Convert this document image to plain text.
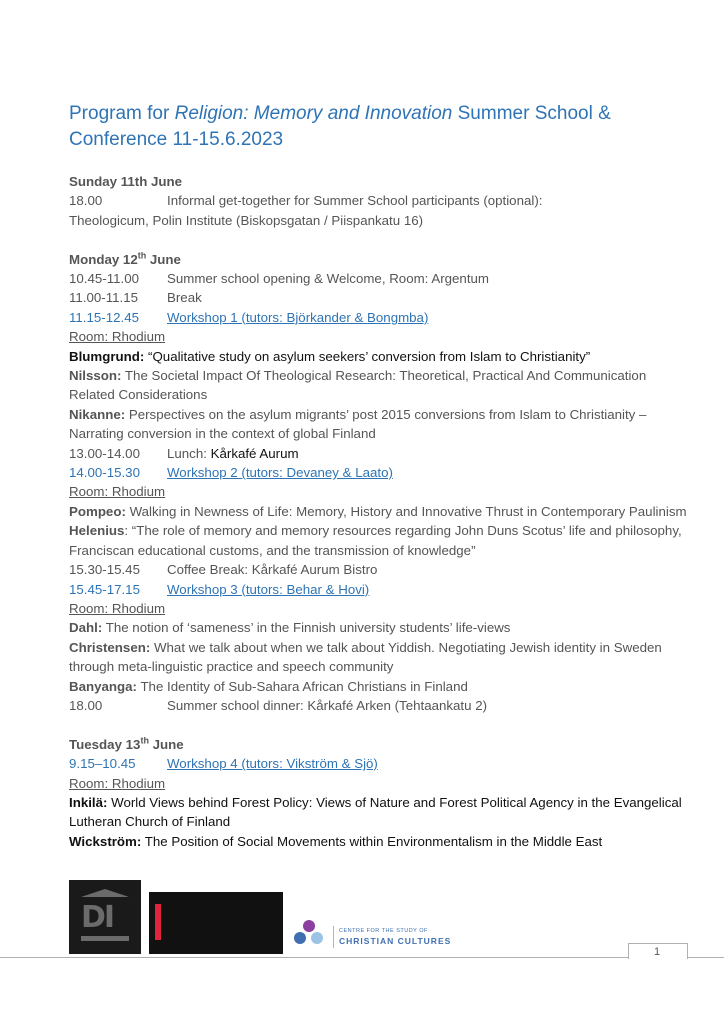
Program for Religion: Memory and Innovation Summer School & Conference 11-15.6.2023
Sunday 11th June
18.00	Informal get-together for Summer School participants (optional):
Theologicum, Polin Institute (Biskopsgatan / Piispankatu 16)
Monday 12th June
10.45-11.00 Summer school opening & Welcome, Room: Argentum
11.00-11.15 Break
11.15-12.45 Workshop 1 (tutors: Björkander & Bongmba)
Room: Rhodium
Blumgrund: “Qualitative study on asylum seekers’ conversion from Islam to Christianity”
Nilsson: The Societal Impact Of Theological Research: Theoretical, Practical And Communication Related Considerations
Nikanne: Perspectives on the asylum migrants’ post 2015 conversions from Islam to Christianity – Narrating conversion in the context of global Finland
13.00-14.00 Lunch: Kårkafé Aurum
14.00-15.30 Workshop 2 (tutors: Devaney & Laato)
Room: Rhodium
Pompeo: Walking in Newness of Life: Memory, History and Innovative Thrust in Contemporary Paulinism
Helenius: “The role of memory and memory resources regarding John Duns Scotus’ life and philosophy, Franciscan educational customs, and the transmission of knowledge”
15.30-15.45 Coffee Break: Kårkafé Aurum Bistro
15.45-17.15 Workshop 3 (tutors: Behar & Hovi)
Room: Rhodium
Dahl: The notion of ‘sameness’ in the Finnish university students’ life-views
Christensen: What we talk about when we talk about Yiddish. Negotiating Jewish identity in Sweden through meta-linguistic practice and speech community
Banyanga: The Identity of Sub-Sahara African Christians in Finland
18.00	Summer school dinner: Kårkafé Arken (Tehtaankatu 2)
Tuesday 13th June
9.15–10.45 Workshop 4 (tutors: Vikström & Sjö)
Room: Rhodium
Inkilä: World Views behind Forest Policy: Views of Nature and Forest Political Agency in the Evangelical Lutheran Church of Finland
Wickström: The Position of Social Movements within Environmentalism in the Middle East
DI	CENTRE FOR THE STUDY OF
CHRISTIAN CULTURES
1
